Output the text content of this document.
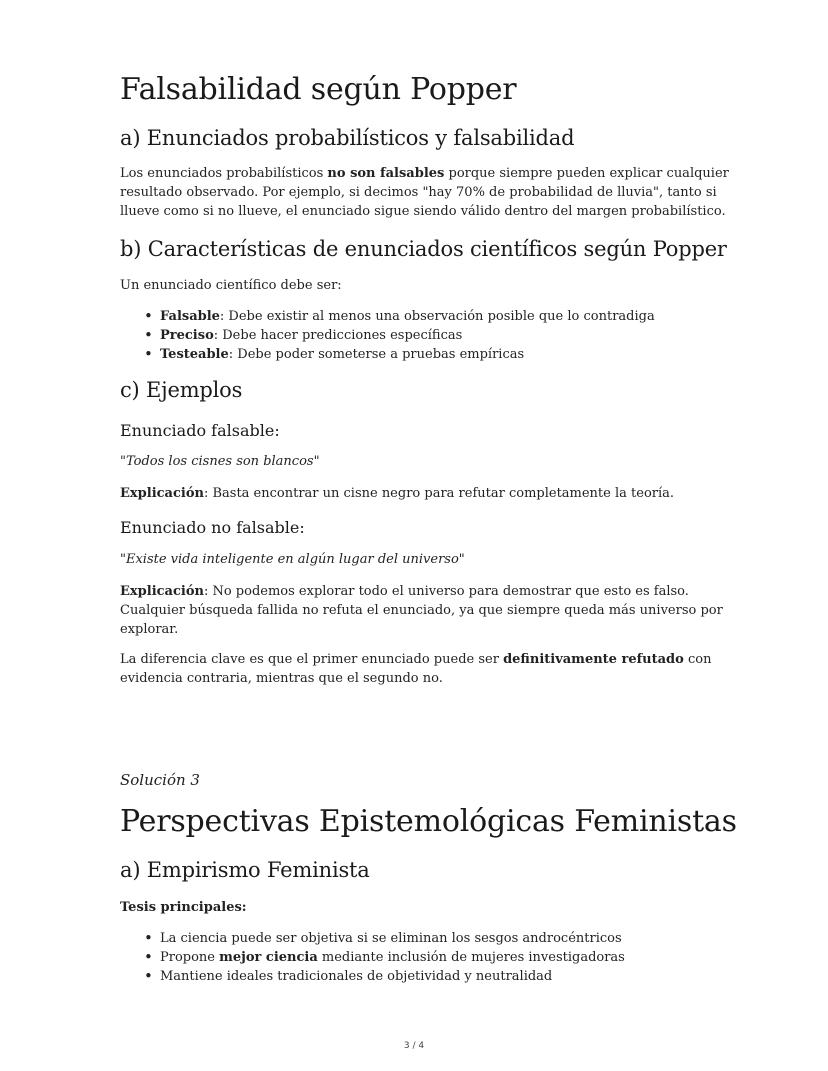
Falsabilidad según Popper
a) Enunciados probabilísticos y falsabilidad
Los enunciados probabilísticos no son falsables porque siempre pueden explicar cualquier
resultado observado. Por ejemplo, si decimos "hay 70% de probabilidad de lluvia", tanto si
llueve como si no llueve, el enunciado sigue siendo válido dentro del margen probabilístico.
b) Características de enunciados científicos según Popper

Un enunciado científico debe ser:

• Falsable: Debe existir al menos una observación posible que lo contradiga
• Preciso: Debe hacer predicciones específicas
• Testeable: Debe poder someterse a pruebas empíricas
c) Ejemplos
Enunciado falsable:

"Todos los cisnes son blancos"

Explicación: Basta encontrar un cisne negro para refutar completamente la teoría.

Enunciado no falsable:

"Existe vida inteligente en algún lugar del universo"

Explicación: No podemos explorar todo el universo para demostrar que esto es falso.
Cualquier búsqueda fallida no refuta el enunciado, ya que siempre queda más universo por
explorar.
La diferencia clave es que el primer enunciado puede ser definitivamente refutado con
evidencia contraria, mientras que el segundo no.

Solución 3

Perspectivas Epistemológicas Feministas
a) Empirismo Feminista

Tesis principales:

• La ciencia puede ser objetiva si se eliminan los sesgos androcéntricos
• Propone mejor ciencia mediante inclusión de mujeres investigadoras
• Mantiene ideales tradicionales de objetividad y neutralidad
3 / 4
